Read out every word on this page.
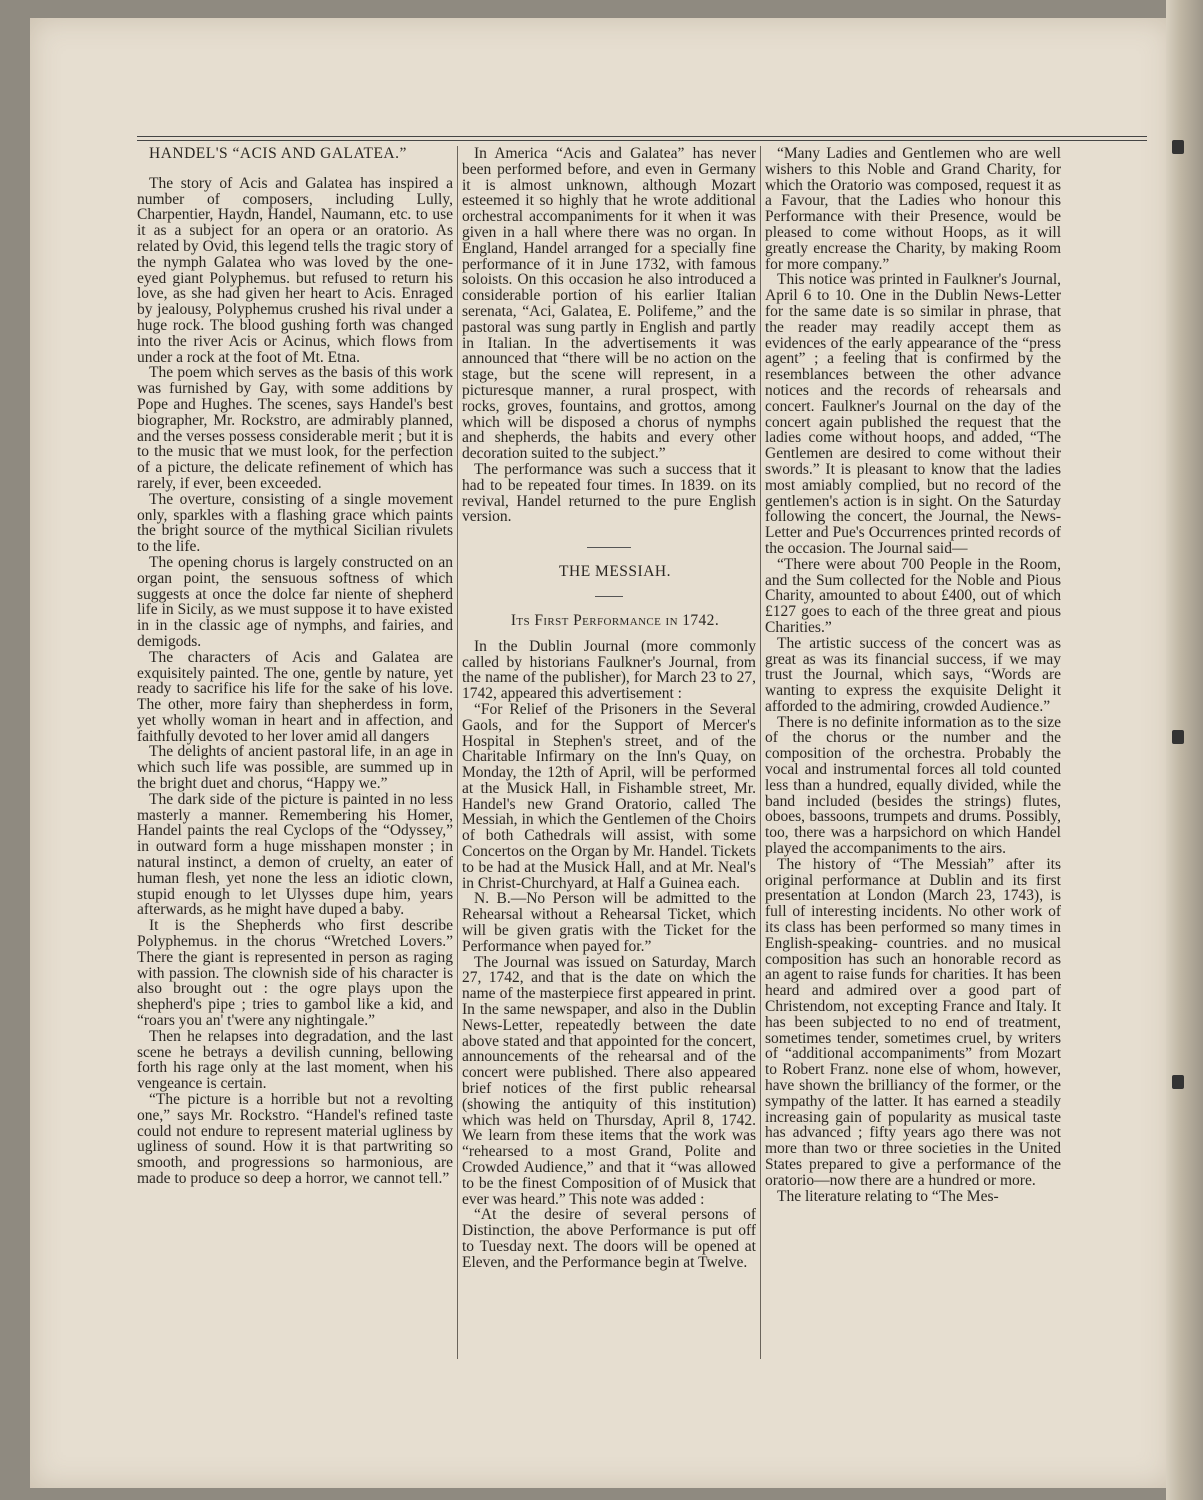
HANDEL'S “ACIS AND GALATEA.”

The story of Acis and Galatea has inspired a number of composers, including Lully, Charpentier, Haydn, Handel, Naumann, etc. to use it as a subject for an opera or an oratorio. As related by Ovid, this legend tells the tragic story of the nymph Galatea who was loved by the one-eyed giant Polyphemus. but refused to return his love, as she had given her heart to Acis. Enraged by jealousy, Polyphemus crushed his rival under a huge rock. The blood gushing forth was changed into the river Acis or Acinus, which flows from under a rock at the foot of Mt. Etna.

The poem which serves as the basis of this work was furnished by Gay, with some additions by Pope and Hughes. The scenes, says Handel's best biographer, Mr. Rockstro, are admirably planned, and the verses possess considerable merit ; but it is to the music that we must look, for the perfection of a picture, the delicate refinement of which has rarely, if ever, been exceeded.

The overture, consisting of a single movement only, sparkles with a flashing grace which paints the bright source of the mythical Sicilian rivulets to the life.

The opening chorus is largely constructed on an organ point, the sensuous softness of which suggests at once the dolce far niente of shepherd life in Sicily, as we must suppose it to have existed in in the classic age of nymphs, and fairies, and demigods.

The characters of Acis and Galatea are exquisitely painted. The one, gentle by nature, yet ready to sacrifice his life for the sake of his love. The other, more fairy than shepherdess in form, yet wholly woman in heart and in affection, and faithfully devoted to her lover amid all dangers

The delights of ancient pastoral life, in an age in which such life was possible, are summed up in the bright duet and chorus, “Happy we.”

The dark side of the picture is painted in no less masterly a manner. Remembering his Homer, Handel paints the real Cyclops of the “Odyssey,” in outward form a huge misshapen monster ; in natural instinct, a demon of cruelty, an eater of human flesh, yet none the less an idiotic clown, stupid enough to let Ulysses dupe him, years afterwards, as he might have duped a baby.

It is the Shepherds who first describe Polyphemus. in the chorus “Wretched Lovers.” There the giant is represented in person as raging with passion. The clownish side of his character is also brought out : the ogre plays upon the shepherd's pipe ; tries to gambol like a kid, and “roars you an' t'were any nightingale.”

Then he relapses into degradation, and the last scene he betrays a devilish cunning, bellowing forth his rage only at the last moment, when his vengeance is certain.

“The picture is a horrible but not a revolting one,” says Mr. Rockstro. “Handel's refined taste could not endure to represent material ugliness by ugliness of sound. How it is that partwriting so smooth, and progressions so harmonious, are made to produce so deep a horror, we cannot tell.”

In America “Acis and Galatea” has never been performed before, and even in Germany it is almost unknown, although Mozart esteemed it so highly that he wrote additional orchestral accompaniments for it when it was given in a hall where there was no organ. In England, Handel arranged for a specially fine performance of it in June 1732, with famous soloists. On this occasion he also introduced a considerable portion of his earlier Italian serenata, “Aci, Galatea, E. Polifeme,” and the pastoral was sung partly in English and partly in Italian. In the advertisements it was announced that “there will be no action on the stage, but the scene will represent, in a picturesque manner, a rural prospect, with rocks, groves, fountains, and grottos, among which will be disposed a chorus of nymphs and shepherds, the habits and every other decoration suited to the subject.”

The performance was such a success that it had to be repeated four times. In 1839. on its revival, Handel returned to the pure English version.

THE MESSIAH.

Its First Performance in 1742.

In the Dublin Journal (more commonly called by historians Faulkner's Journal, from the name of the publisher), for March 23 to 27, 1742, appeared this advertisement :

“For Relief of the Prisoners in the Several Gaols, and for the Support of Mercer's Hospital in Stephen's street, and of the Charitable Infirmary on the Inn's Quay, on Monday, the 12th of April, will be performed at the Musick Hall, in Fishamble street, Mr. Handel's new Grand Oratorio, called The Messiah, in which the Gentlemen of the Choirs of both Cathedrals will assist, with some Concertos on the Organ by Mr. Handel. Tickets to be had at the Musick Hall, and at Mr. Neal's in Christ-Churchyard, at Half a Guinea each.

N. B.—No Person will be admitted to the Rehearsal without a Rehearsal Ticket, which will be given gratis with the Ticket for the Performance when payed for.”

The Journal was issued on Saturday, March 27, 1742, and that is the date on which the name of the masterpiece first appeared in print. In the same newspaper, and also in the Dublin News-Letter, repeatedly between the date above stated and that appointed for the concert, announcements of the rehearsal and of the concert were published. There also appeared brief notices of the first public rehearsal (showing the antiquity of this institution) which was held on Thursday, April 8, 1742. We learn from these items that the work was “rehearsed to a most Grand, Polite and Crowded Audience,” and that it “was allowed to be the finest Composition of of Musick that ever was heard.” This note was added :

“At the desire of several persons of Distinction, the above Performance is put off to Tuesday next. The doors will be opened at Eleven, and the Performance begin at Twelve.

“Many Ladies and Gentlemen who are well wishers to this Noble and Grand Charity, for which the Oratorio was composed, request it as a Favour, that the Ladies who honour this Performance with their Presence, would be pleased to come without Hoops, as it will greatly encrease the Charity, by making Room for more company.”

This notice was printed in Faulkner's Journal, April 6 to 10. One in the Dublin News-Letter for the same date is so similar in phrase, that the reader may readily accept them as evidences of the early appearance of the “press agent” ; a feeling that is confirmed by the resemblances between the other advance notices and the records of rehearsals and concert. Faulkner's Journal on the day of the concert again published the request that the ladies come without hoops, and added, “The Gentlemen are desired to come without their swords.” It is pleasant to know that the ladies most amiably complied, but no record of the gentlemen's action is in sight. On the Saturday following the concert, the Journal, the News-Letter and Pue's Occurrences printed records of the occasion. The Journal said—

“There were about 700 People in the Room, and the Sum collected for the Noble and Pious Charity, amounted to about £400, out of which £127 goes to each of the three great and pious Charities.”

The artistic success of the concert was as great as was its financial success, if we may trust the Journal, which says, “Words are wanting to express the exquisite Delight it afforded to the admiring, crowded Audience.”

There is no definite information as to the size of the chorus or the number and the composition of the orchestra. Probably the vocal and instrumental forces all told counted less than a hundred, equally divided, while the band included (besides the strings) flutes, oboes, bassoons, trumpets and drums. Possibly, too, there was a harpsichord on which Handel played the accompaniments to the airs.

The history of “The Messiah” after its original performance at Dublin and its first presentation at London (March 23, 1743), is full of interesting incidents. No other work of its class has been performed so many times in English-speaking- countries. and no musical composition has such an honorable record as an agent to raise funds for charities. It has been heard and admired over a good part of Christendom, not excepting France and Italy. It has been subjected to no end of treatment, sometimes tender, sometimes cruel, by writers of “additional accompaniments” from Mozart to Robert Franz. none else of whom, however, have shown the brilliancy of the former, or the sympathy of the latter. It has earned a steadily increasing gain of popularity as musical taste has advanced ; fifty years ago there was not more than two or three societies in the United States prepared to give a performance of the oratorio—now there are a hundred or more.

The literature relating to “The Mes-
